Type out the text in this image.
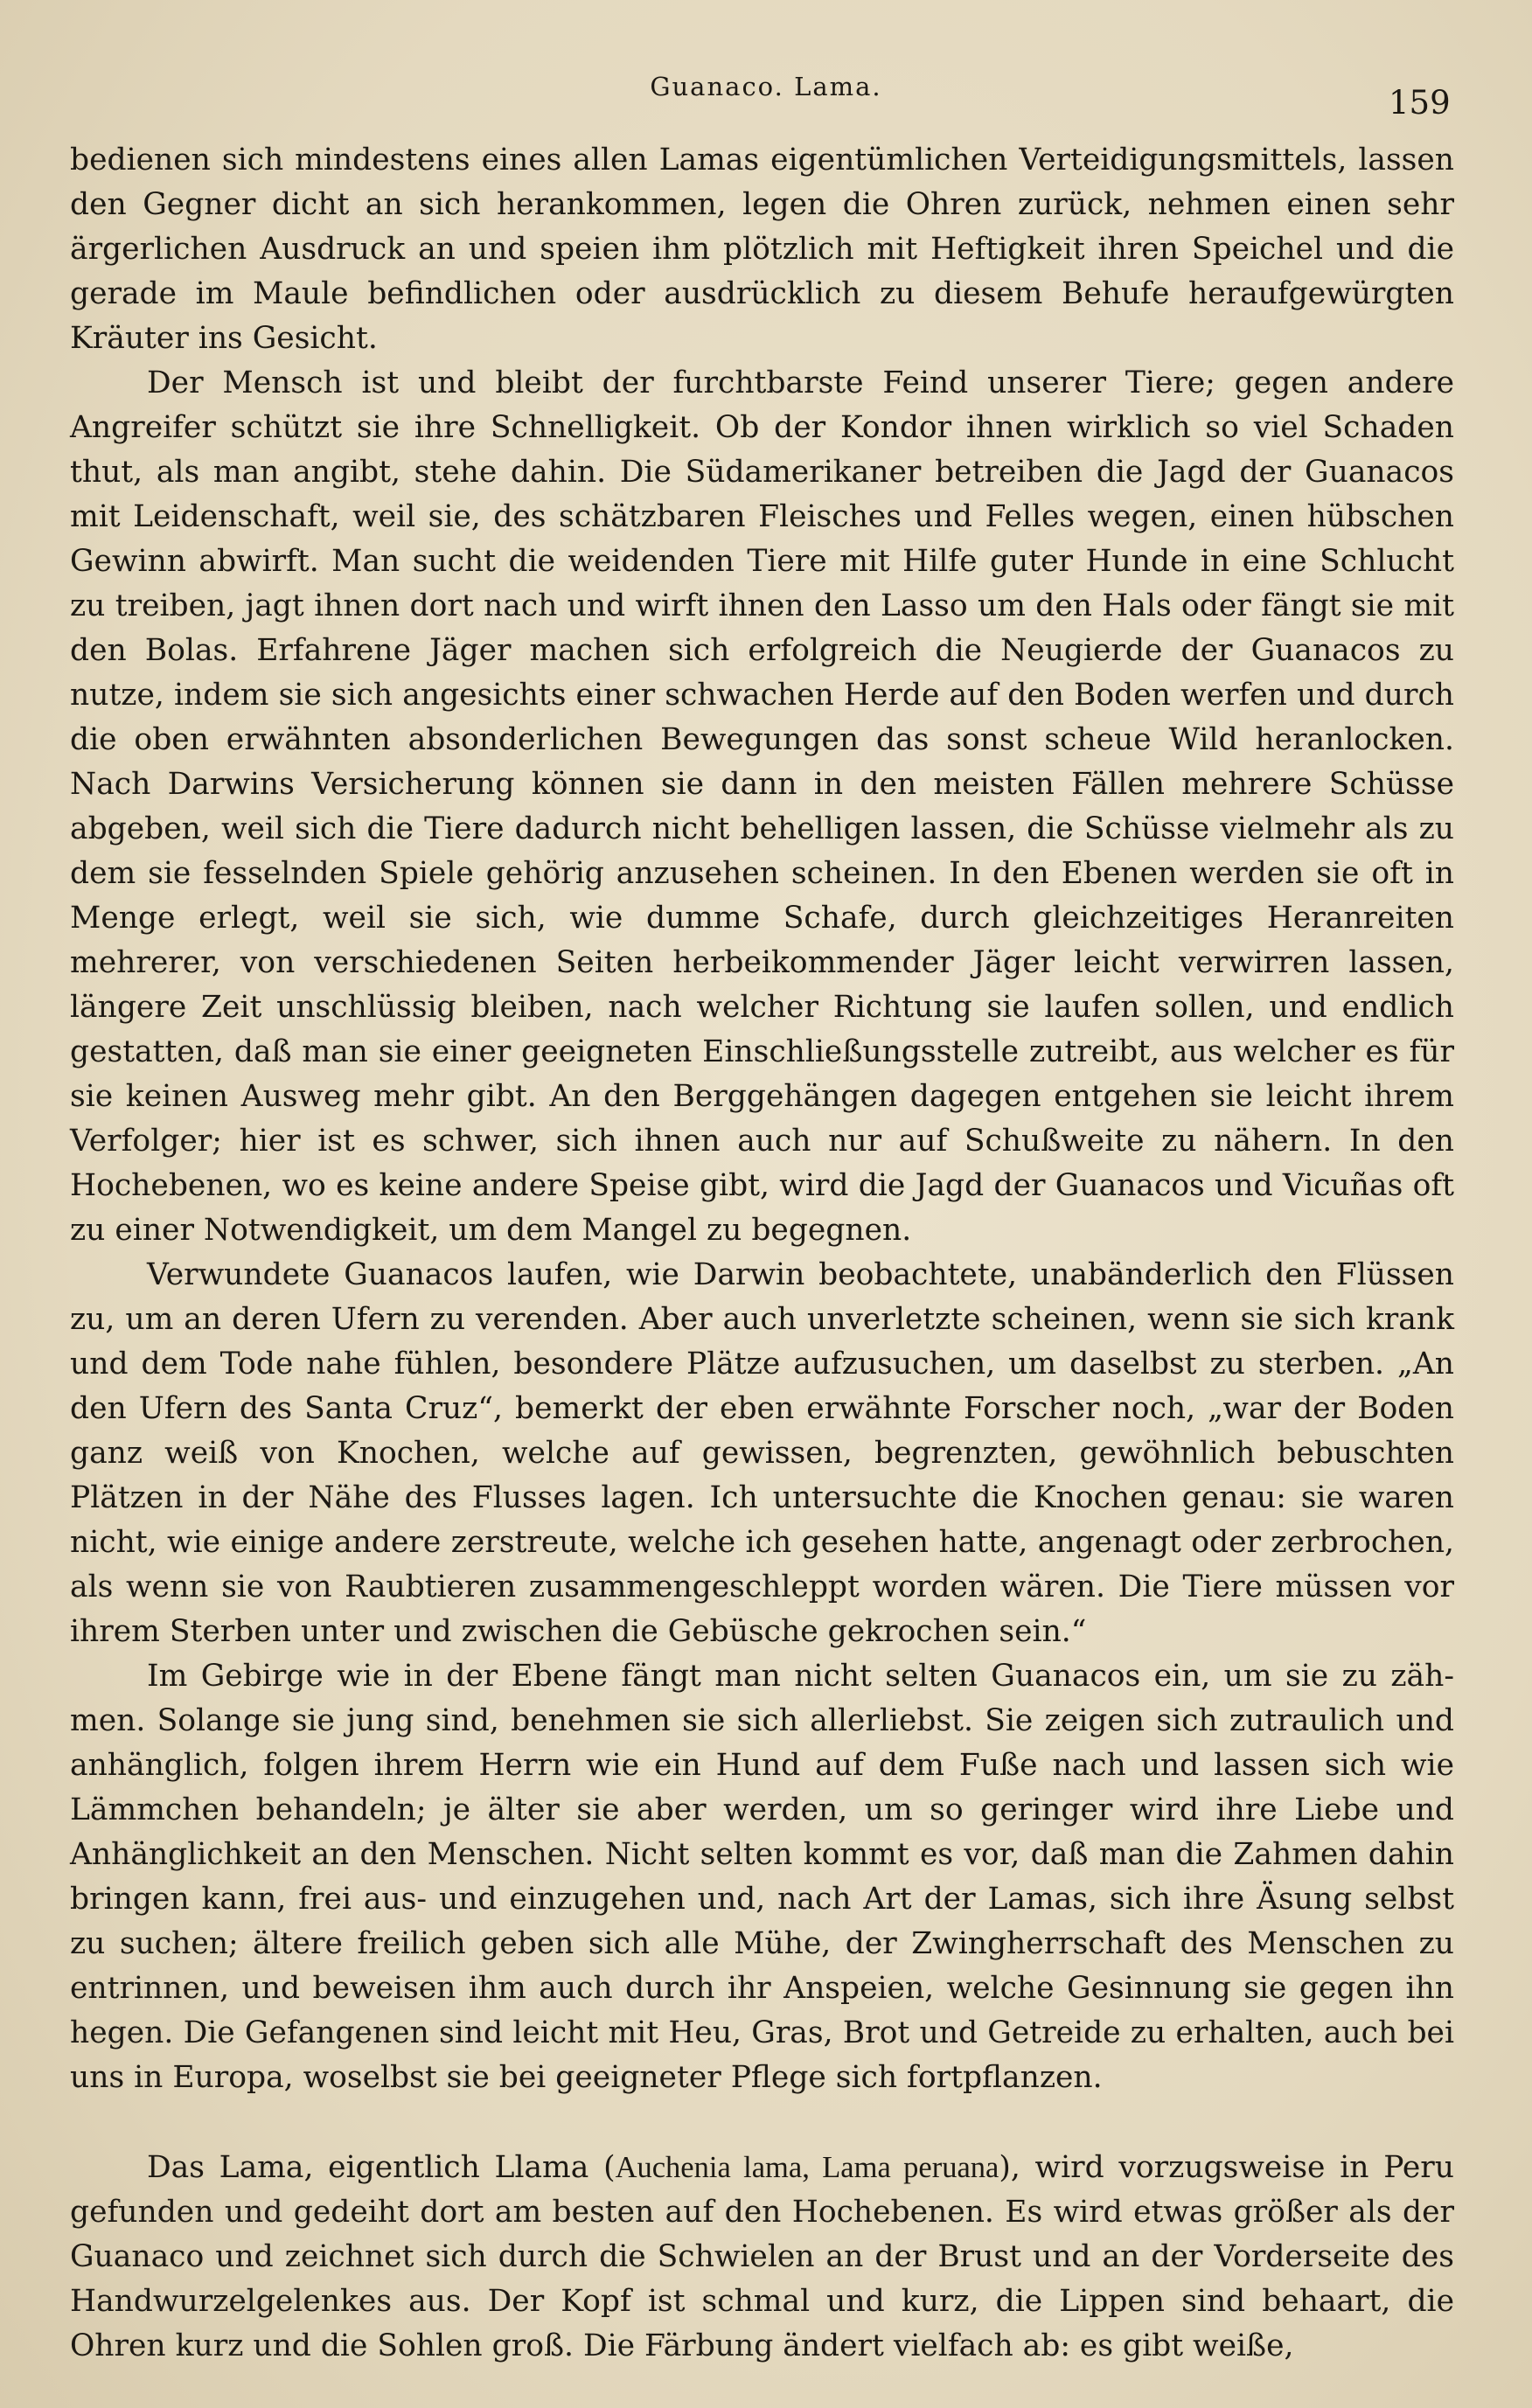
Guanaco. Lama.	159

bedienen sich mindestens eines allen Lamas eigentümlichen Verteidigungsmittels, lassen den Gegner dicht an sich herankommen, legen die Ohren zurück, nehmen einen sehr ärgerlichen Ausdruck an und speien ihm plötzlich mit Heftigkeit ihren Speichel und die gerade im Maule befindlichen oder ausdrücklich zu diesem Behufe heraufgewürgten Kräuter ins Gesicht.

Der Mensch ist und bleibt der furchtbarste Feind unserer Tiere; gegen andere Angreifer schützt sie ihre Schnelligkeit. Ob der Kondor ihnen wirklich so viel Schaden thut, als man angibt, stehe dahin. Die Südamerikaner betreiben die Jagd der Guanacos mit Leidenschaft, weil sie, des schätzbaren Fleisches und Felles wegen, einen hübschen Gewinn abwirft. Man sucht die weidenden Tiere mit Hilfe guter Hunde in eine Schlucht zu treiben, jagt ihnen dort nach und wirft ihnen den Lasso um den Hals oder fängt sie mit den Bolas. Erfahrene Jäger machen sich erfolgreich die Neugierde der Guanacos zu nutze, indem sie sich angesichts einer schwachen Herde auf den Boden werfen und durch die oben erwähnten absonderlichen Bewegungen das sonst scheue Wild heranlocken. Nach Darwins Versicherung können sie dann in den meisten Fällen mehrere Schüsse abgeben, weil sich die Tiere dadurch nicht behelligen lassen, die Schüsse vielmehr als zu dem sie fesselnden Spiele gehörig anzusehen scheinen. In den Ebenen werden sie oft in Menge erlegt, weil sie sich, wie dumme Schafe, durch gleichzeitiges Heranreiten mehrerer, von verschiedenen Seiten herbeikommender Jäger leicht verwirren lassen, längere Zeit unschlüssig bleiben, nach welcher Richtung sie laufen sollen, und endlich gestatten, daß man sie einer geeigneten Einschließungsstelle zutreibt, aus welcher es für sie keinen Ausweg mehr gibt. An den Berggehängen dagegen entgehen sie leicht ihrem Verfolger; hier ist es schwer, sich ihnen auch nur auf Schußweite zu nähern. In den Hochebenen, wo es keine andere Speise gibt, wird die Jagd der Guanacos und Vicuñas oft zu einer Notwendigkeit, um dem Mangel zu begegnen.

Verwundete Guanacos laufen, wie Darwin beobachtete, unabänderlich den Flüssen zu, um an deren Ufern zu verenden. Aber auch unverletzte scheinen, wenn sie sich krank und dem Tode nahe fühlen, besondere Plätze aufzusuchen, um daselbst zu sterben. „An den Ufern des Santa Cruz“, bemerkt der eben erwähnte Forscher noch, „war der Boden ganz weiß von Knochen, welche auf gewissen, begrenzten, gewöhnlich bebuschten Plätzen in der Nähe des Flusses lagen. Ich untersuchte die Knochen genau: sie waren nicht, wie einige andere zerstreute, welche ich gesehen hatte, angenagt oder zerbrochen, als wenn sie von Raubtieren zusammengeschleppt worden wären. Die Tiere müssen vor ihrem Sterben unter und zwischen die Gebüsche gekrochen sein.“

Im Gebirge wie in der Ebene fängt man nicht selten Guanacos ein, um sie zu zähmen. Solange sie jung sind, benehmen sie sich allerliebst. Sie zeigen sich zutraulich und anhänglich, folgen ihrem Herrn wie ein Hund auf dem Fuße nach und lassen sich wie Lämmchen behandeln; je älter sie aber werden, um so geringer wird ihre Liebe und Anhänglichkeit an den Menschen. Nicht selten kommt es vor, daß man die Zahmen dahin bringen kann, frei aus- und einzugehen und, nach Art der Lamas, sich ihre Äsung selbst zu suchen; ältere freilich geben sich alle Mühe, der Zwingherrschaft des Menschen zu entrinnen, und beweisen ihm auch durch ihr Anspeien, welche Gesinnung sie gegen ihn hegen. Die Gefangenen sind leicht mit Heu, Gras, Brot und Getreide zu erhalten, auch bei uns in Europa, woselbst sie bei geeigneter Pflege sich fortpflanzen.

Das Lama, eigentlich Llama (Auchenia lama, Lama peruana), wird vorzugsweise in Peru gefunden und gedeiht dort am besten auf den Hochebenen. Es wird etwas größer als der Guanaco und zeichnet sich durch die Schwielen an der Brust und an der Vorderseite des Handwurzelgelenkes aus. Der Kopf ist schmal und kurz, die Lippen sind behaart, die Ohren kurz und die Sohlen groß. Die Färbung ändert vielfach ab: es gibt weiße,
